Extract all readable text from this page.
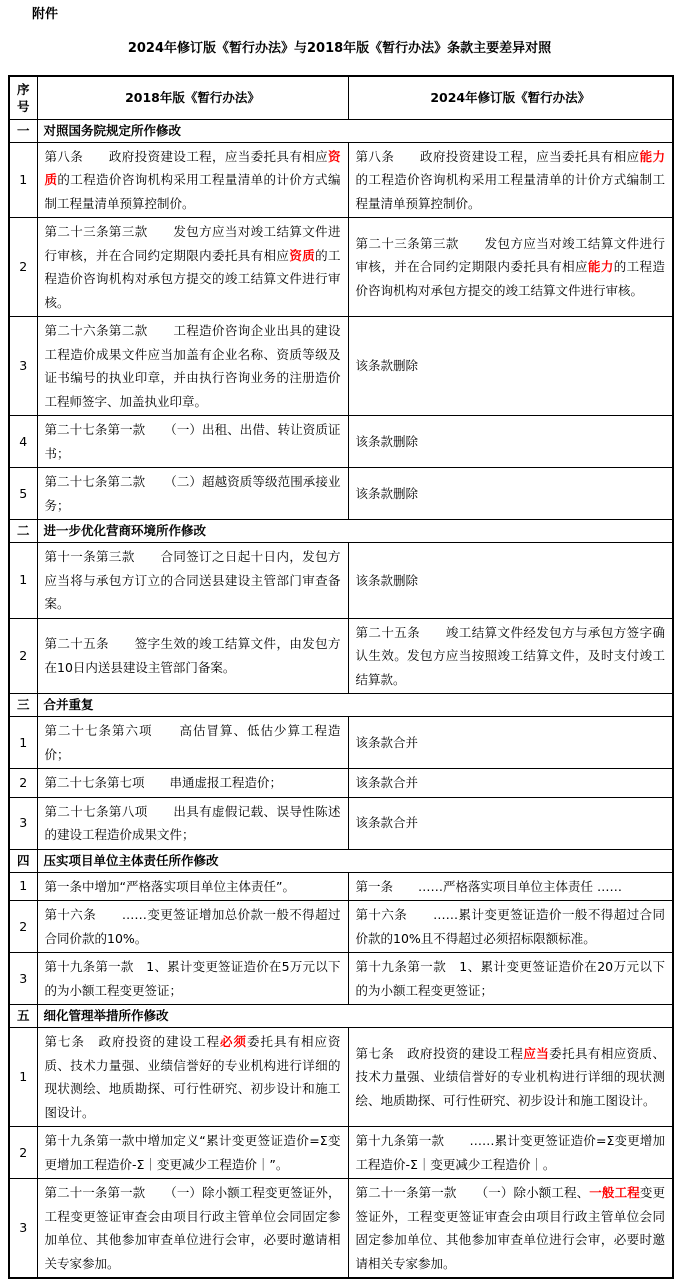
附件
2024年修订版《暂行办法》与2018年版《暂行办法》条款主要差异对照
序号	2018年版《暂行办法》	2024年修订版《暂行办法》
一	对照国务院规定所作修改	
1	第八条　　政府投资建设工程，应当委托具有相应资质的工程造价咨询机构采用工程量清单的计价方式编制工程量清单预算控制价。	第八条　　政府投资建设工程，应当委托具有相应能力的工程造价咨询机构采用工程量清单的计价方式编制工程量清单预算控制价。
2	第二十三条第三款　　发包方应当对竣工结算文件进行审核，并在合同约定期限内委托具有相应资质的工程造价咨询机构对承包方提交的竣工结算文件进行审核。	第二十三条第三款　　发包方应当对竣工结算文件进行审核，并在合同约定期限内委托具有相应能力的工程造价咨询机构对承包方提交的竣工结算文件进行审核。
3	第二十六条第二款　　工程造价咨询企业出具的建设工程造价成果文件应当加盖有企业名称、资质等级及证书编号的执业印章，并由执行咨询业务的注册造价工程师签字、加盖执业印章。	该条款删除
4	第二十七条第一款　　（一）出租、出借、转让资质证书；	该条款删除
5	第二十七条第二款　　（二）超越资质等级范围承接业务；	该条款删除
二	进一步优化营商环境所作修改	
1	第十一条第三款　　合同签订之日起十日内，发包方应当将与承包方订立的合同送县建设主管部门审查备案。	该条款删除
2	第二十五条　　签字生效的竣工结算文件，由发包方在10日内送县建设主管部门备案。	第二十五条　　竣工结算文件经发包方与承包方签字确认生效。发包方应当按照竣工结算文件，及时支付竣工结算款。
三	合并重复	
1	第二十七条第六项　　高估冒算、低估少算工程造价；	该条款合并
2	第二十七条第七项　　串通虚报工程造价；	该条款合并
3	第二十七条第八项　　出具有虚假记载、误导性陈述的建设工程造价成果文件；	该条款合并
四	压实项目单位主体责任所作修改	
1	第一条中增加“严格落实项目单位主体责任”。	第一条　　……严格落实项目单位主体责任 ……
2	第十六条　　……变更签证增加总价款一般不得超过合同价款的10%。	第十六条　　……累计变更签证造价一般不得超过合同价款的10%且不得超过必须招标限额标准。
3	第十九条第一款　1、累计变更签证造价在5万元以下的为小额工程变更签证；	第十九条第一款　1、累计变更签证造价在20万元以下的为小额工程变更签证；
五	细化管理举措所作修改	
1	第七条　政府投资的建设工程必须委托具有相应资质、技术力量强、业绩信誉好的专业机构进行详细的现状测绘、地质勘探、可行性研究、初步设计和施工图设计。	第七条　政府投资的建设工程应当委托具有相应资质、技术力量强、业绩信誉好的专业机构进行详细的现状测绘、地质勘探、可行性研究、初步设计和施工图设计。
2	第十九条第一款中增加定义“累计变更签证造价=Σ变更增加工程造价-Σ｜变更减少工程造价｜”。	第十九条第一款　　……累计变更签证造价=Σ变更增加工程造价-Σ｜变更减少工程造价｜。
3	第二十一条第一款　　（一）除小额工程变更签证外，工程变更签证审查会由项目行政主管单位会同固定参加单位、其他参加审查单位进行会审，必要时邀请相关专家参加。	第二十一条第一款　　（一）除小额工程、一般工程变更签证外，工程变更签证审查会由项目行政主管单位会同固定参加单位、其他参加审查单位进行会审，必要时邀请相关专家参加。
